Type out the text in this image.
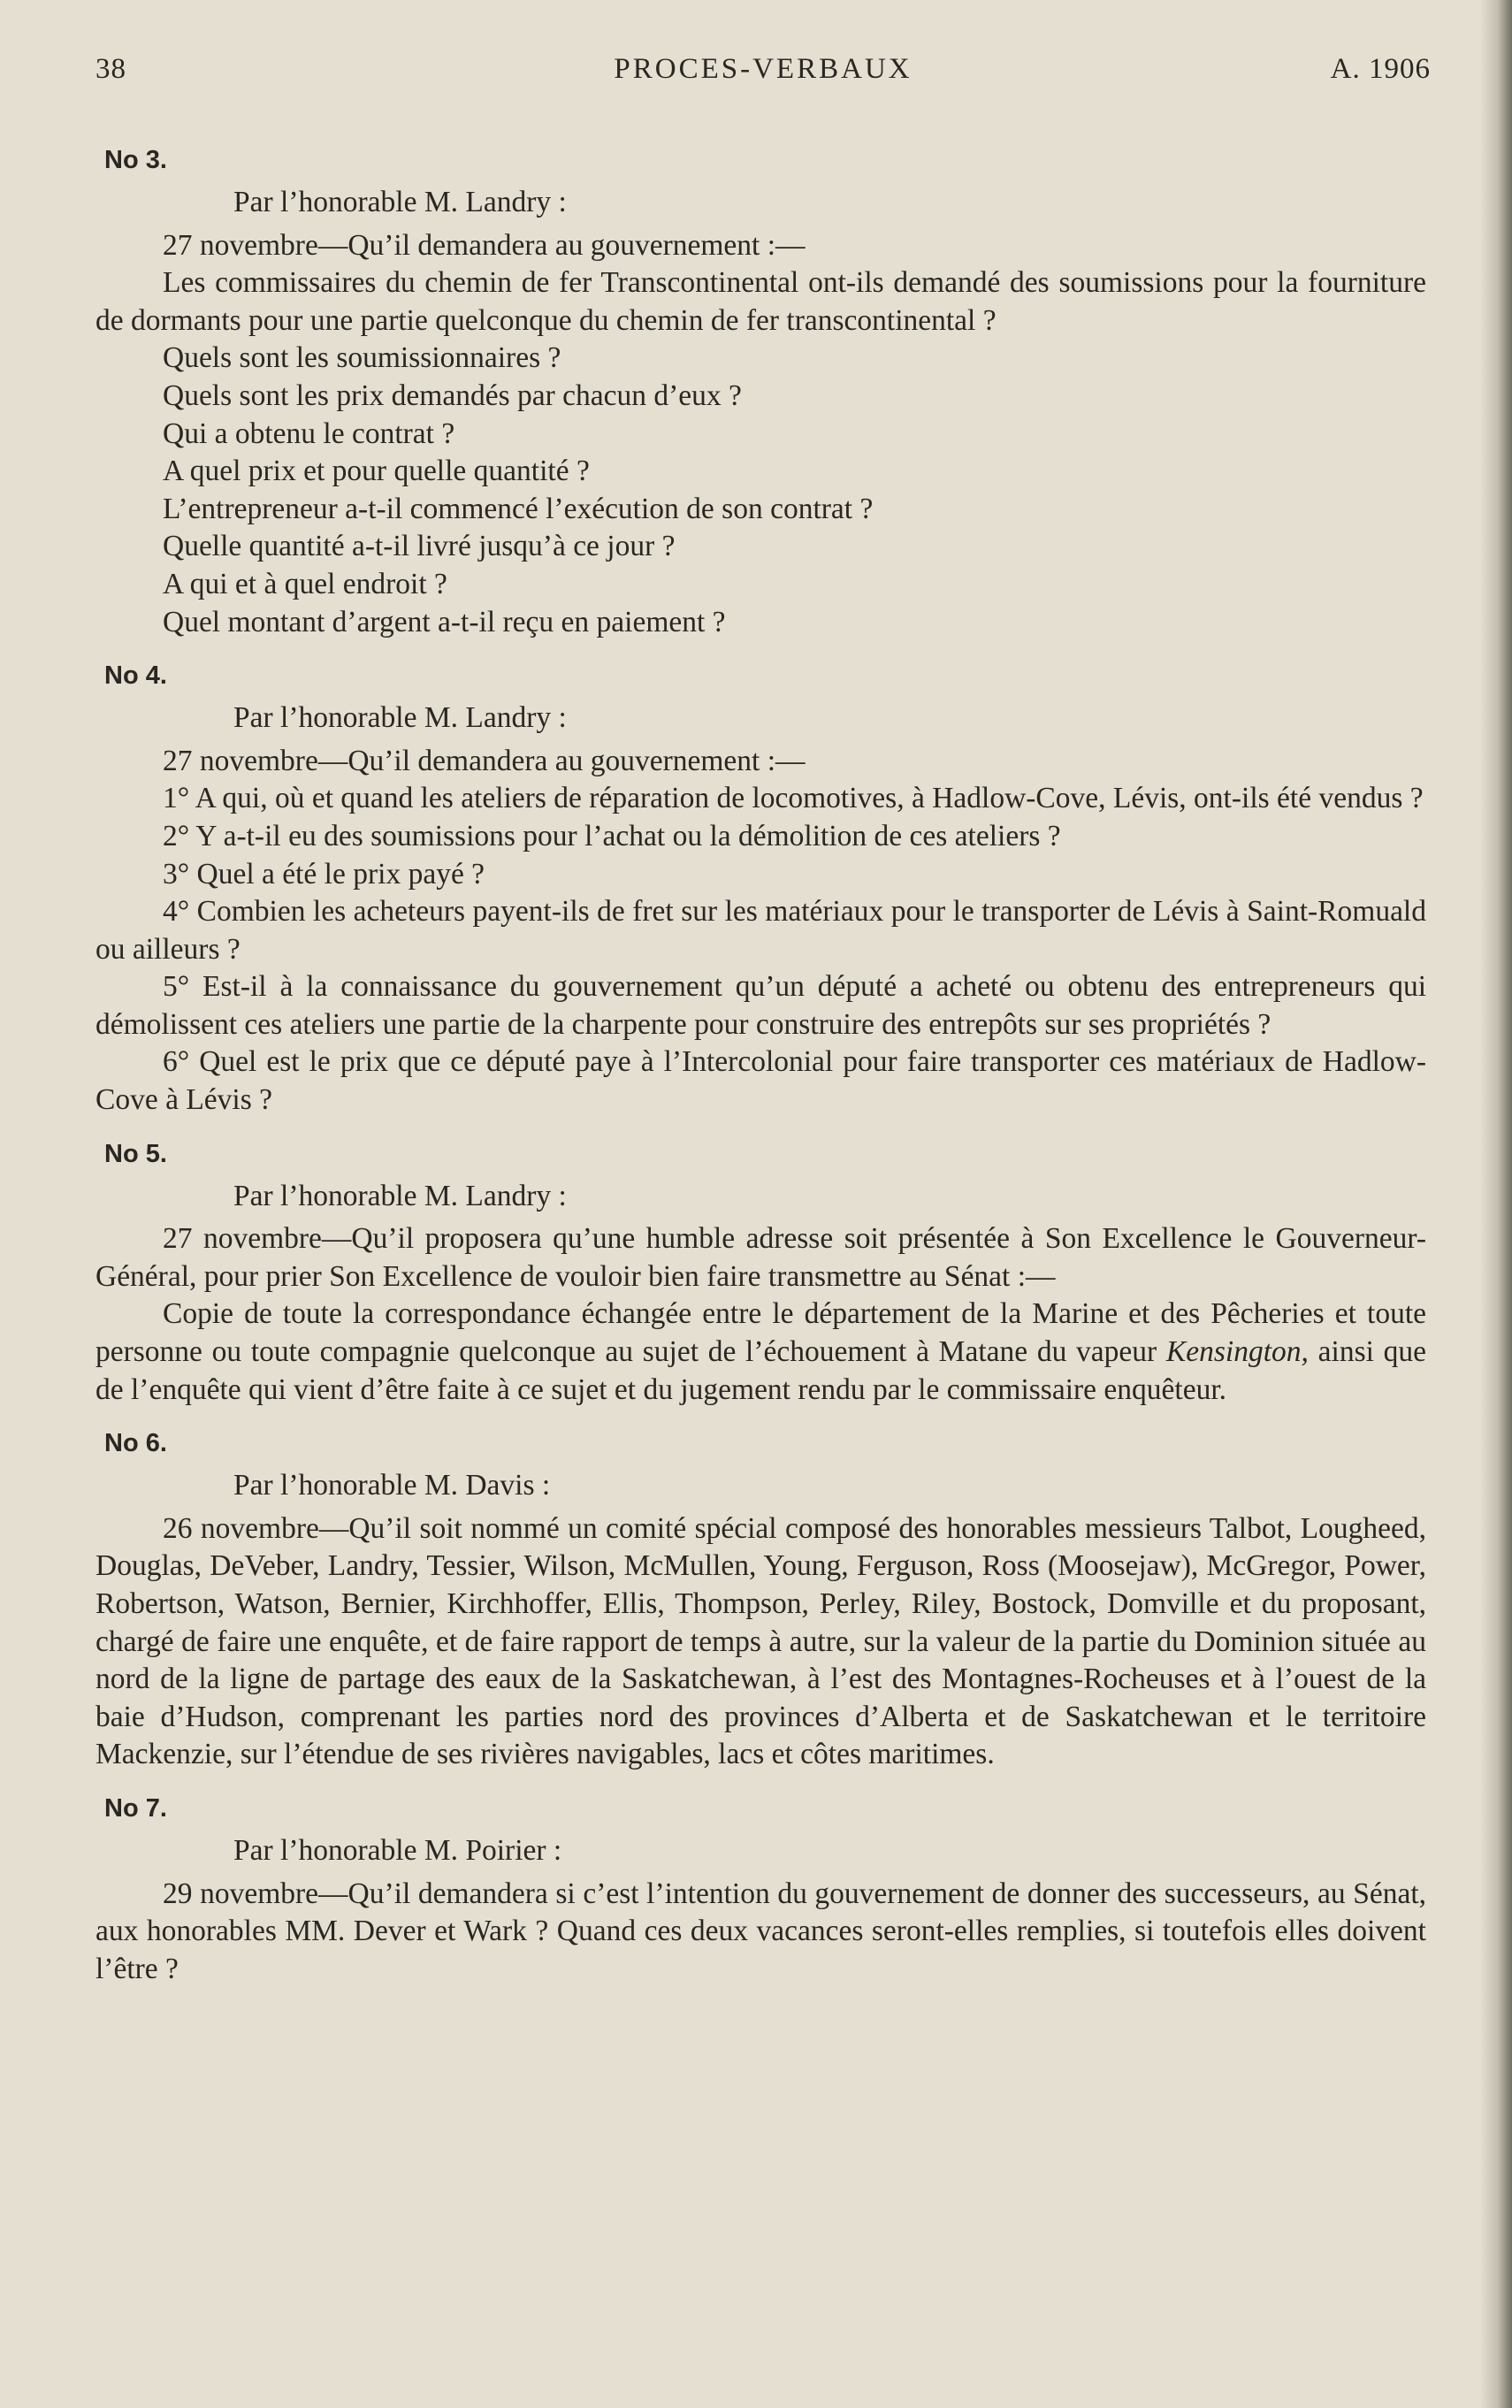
38	PROCES-VERBAUX	A. 1906
No 3.
Par l’honorable M. Landry :

27 novembre—Qu’il demandera au gouvernement :—

Les commissaires du chemin de fer Transcontinental ont-ils demandé des soumissions pour la fourniture de dormants pour une partie quelconque du chemin de fer transcontinental ?

Quels sont les soumissionnaires ?

Quels sont les prix demandés par chacun d’eux ?

Qui a obtenu le contrat ?

A quel prix et pour quelle quantité ?

L’entrepreneur a-t-il commencé l’exécution de son contrat ?

Quelle quantité a-t-il livré jusqu’à ce jour ?

A qui et à quel endroit ?

Quel montant d’argent a-t-il reçu en paiement ?

No 4.
Par l’honorable M. Landry :

27 novembre—Qu’il demandera au gouvernement :—

1° A qui, où et quand les ateliers de réparation de locomotives, à Hadlow-Cove, Lévis, ont-ils été vendus ?

2° Y a-t-il eu des soumissions pour l’achat ou la démolition de ces ateliers ?

3° Quel a été le prix payé ?

4° Combien les acheteurs payent-ils de fret sur les matériaux pour le transporter de Lévis à Saint-Romuald ou ailleurs ?

5° Est-il à la connaissance du gouvernement qu’un député a acheté ou obtenu des entrepreneurs qui démolissent ces ateliers une partie de la charpente pour construire des entrepôts sur ses propriétés ?

6° Quel est le prix que ce député paye à l’Intercolonial pour faire transporter ces matériaux de Hadlow-Cove à Lévis ?

No 5.
Par l’honorable M. Landry :

27 novembre—Qu’il proposera qu’une humble adresse soit présentée à Son Excellence le Gouverneur-Général, pour prier Son Excellence de vouloir bien faire transmettre au Sénat :—

Copie de toute la correspondance échangée entre le département de la Marine et des Pêcheries et toute personne ou toute compagnie quelconque au sujet de l’échouement à Matane du vapeur Kensington, ainsi que de l’enquête qui vient d’être faite à ce sujet et du jugement rendu par le commissaire enquêteur.

No 6.
Par l’honorable M. Davis :

26 novembre—Qu’il soit nommé un comité spécial composé des honorables messieurs Talbot, Lougheed, Douglas, DeVeber, Landry, Tessier, Wilson, McMullen, Young, Ferguson, Ross (Moosejaw), McGregor, Power, Robertson, Watson, Bernier, Kirchhoffer, Ellis, Thompson, Perley, Riley, Bostock, Domville et du proposant, chargé de faire une enquête, et de faire rapport de temps à autre, sur la valeur de la partie du Dominion située au nord de la ligne de partage des eaux de la Saskatchewan, à l’est des Montagnes-Rocheuses et à l’ouest de la baie d’Hudson, comprenant les parties nord des provinces d’Alberta et de Saskatchewan et le territoire Mackenzie, sur l’étendue de ses rivières navigables, lacs et côtes maritimes.

No 7.
Par l’honorable M. Poirier :

29 novembre—Qu’il demandera si c’est l’intention du gouvernement de donner des successeurs, au Sénat, aux honorables MM. Dever et Wark ? Quand ces deux vacances seront-elles remplies, si toutefois elles doivent l’être ?
